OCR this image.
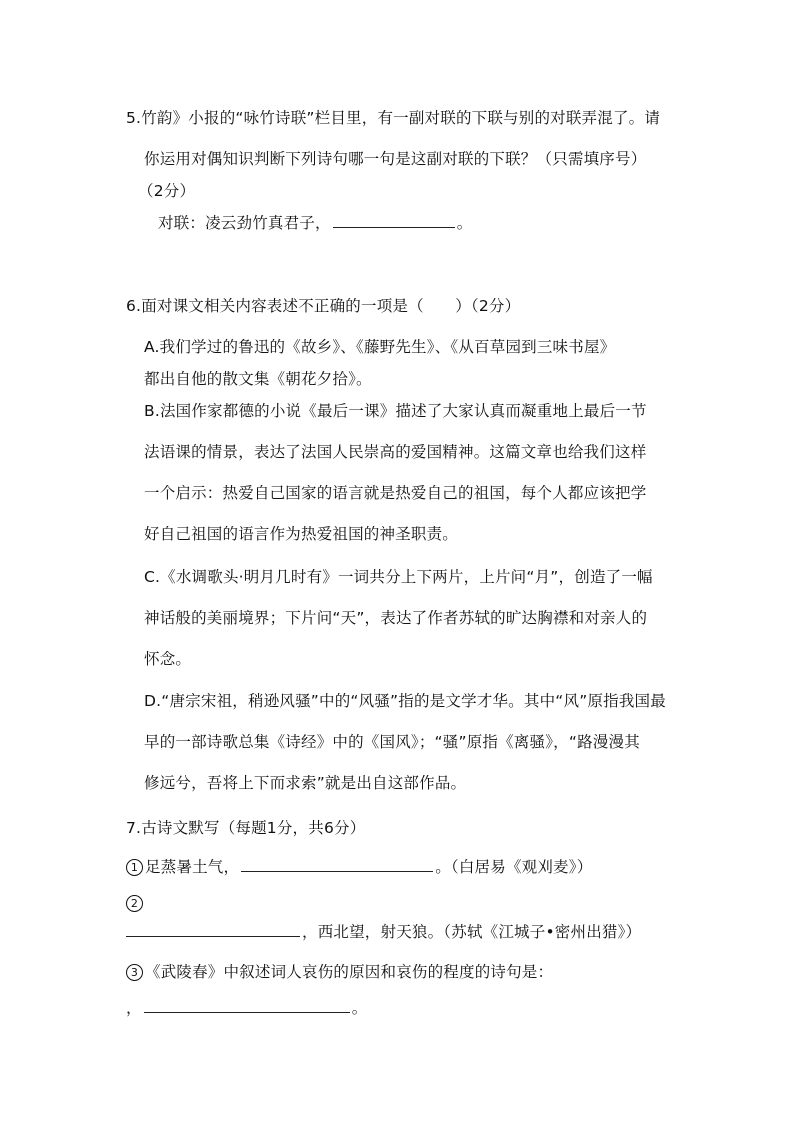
5.竹韵》小报的“咏竹诗联”栏目里，有一副对联的下联与别的对联弄混了。请
你运用对偶知识判断下列诗句哪一句是这副对联的下联？（只需填序号）
（2分）
对联：凌云劲竹真君子，	。
6.面对课文相关内容表述不正确的一项是（　　）（2分）
A.我们学过的鲁迅的《故乡》、《藤野先生》、《从百草园到三味书屋》
都出自他的散文集《朝花夕拾》。
B.法国作家都德的小说《最后一课》描述了大家认真而凝重地上最后一节
法语课的情景，表达了法国人民崇高的爱国精神。这篇文章也给我们这样
一个启示：热爱自己国家的语言就是热爱自己的祖国，每个人都应该把学
好自己祖国的语言作为热爱祖国的神圣职责。
C.《水调歌头·明月几时有》一词共分上下两片，上片问“月”，创造了一幅
神话般的美丽境界；下片问“天”，表达了作者苏轼的旷达胸襟和对亲人的
怀念。
D.“唐宗宋祖，稍逊风骚”中的“风骚”指的是文学才华。其中“风”原指我国最
早的一部诗歌总集《诗经》中的《国风》；“骚”原指《离骚》，“路漫漫其
修远兮，吾将上下而求索”就是出自这部作品。
7.古诗文默写（每题1分，共6分）
1 足蒸暑土气，	。（白居易《观刈麦》）
2
，西北望，射天狼。（苏轼《江城子•密州出猎》）
3 《武陵春》中叙述词人哀伤的原因和哀伤的程度的诗句是：
，	。
